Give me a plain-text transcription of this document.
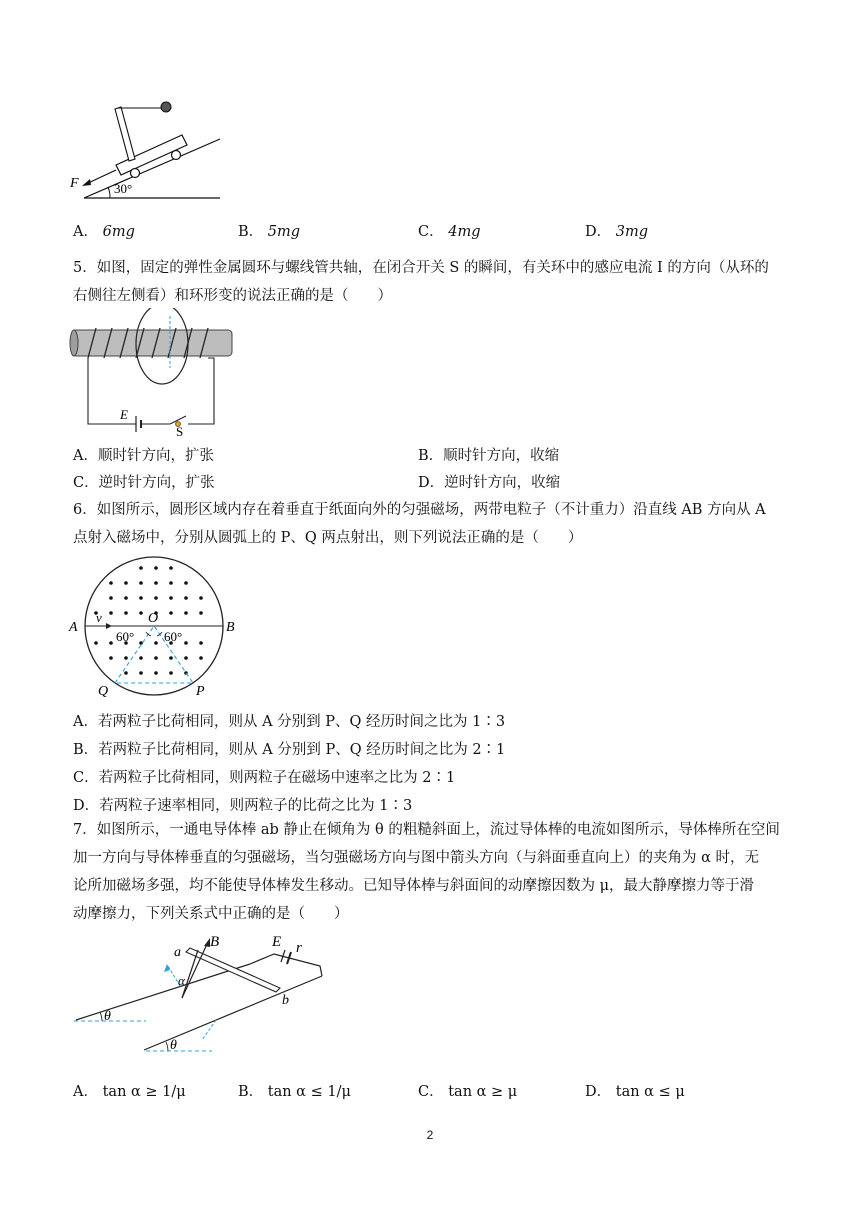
F	30°
A． 6mg	B． 5mg	C． 4mg	D． 3mg
5．如图，固定的弹性金属圆环与螺线管共轴，在闭合开关 S 的瞬间，有关环中的感应电流 I 的方向（从环的
右侧往左侧看）和环形变的说法正确的是（　　）
E
S
A．顺时针方向，扩张	B．顺时针方向，收缩
C．逆时针方向，扩张	D．逆时针方向，收缩
6．如图所示，圆形区域内存在着垂直于纸面向外的匀强磁场，两带电粒子（不计重力）沿直线 AB 方向从 A
点射入磁场中，分别从圆弧上的 P、Q 两点射出，则下列说法正确的是（　　）
A	B
O
v
60° 60°
Q	P
A．若两粒子比荷相同，则从 A 分别到 P、Q 经历时间之比为 1∶3
B．若两粒子比荷相同，则从 A 分别到 P、Q 经历时间之比为 2∶1
C．若两粒子比荷相同，则两粒子在磁场中速率之比为 2∶1
D．若两粒子速率相同，则两粒子的比荷之比为 1∶3
7．如图所示，一通电导体棒 ab 静止在倾角为 θ 的粗糙斜面上，流过导体棒的电流如图所示，导体棒所在空间
加一方向与导体棒垂直的匀强磁场，当匀强磁场方向与图中箭头方向（与斜面垂直向上）的夹角为 α 时，无
论所加磁场多强，均不能使导体棒发生移动。已知导体棒与斜面间的动摩擦因数为 μ，最大静摩擦力等于滑
动摩擦力，下列关系式中正确的是（　　）
a
b
B	E r
α
θ
θ
A． tan α ≥ 1/μ	B． tan α ≤ 1/μ	C． tan α ≥ μ	D． tan α ≤ μ
2
